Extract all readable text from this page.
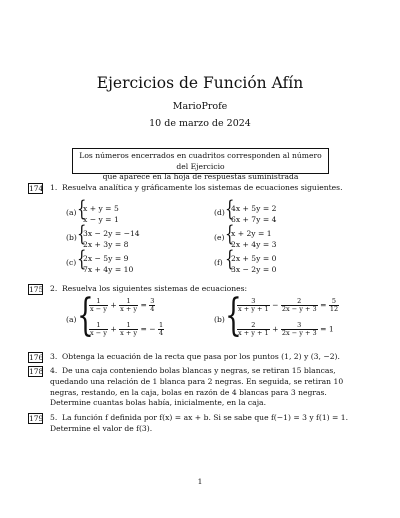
Ejercicios de Función Afín
MarioProfe
10 de marzo de 2024
Los números encerrados en cuadritos corresponden al número del Ejercicio
que aparece en la hoja de respuestas suministrada
174 1. Resuelva analítica y gráficamente los sistemas de ecuaciones siguientes.
(a) {
x + y = 5
x − y = 1
(d) {
4x + 5y = 2
6x + 7y = 4
(b) {
3x − 2y = −14
2x + 3y = 8
(e) {
x + 2y = 1
2x + 4y = 3
(c) {
2x − 5y = 9
7x + 4y = 10
(f) {
2x + 5y = 0
3x − 2y = 0
175 2. Resuelva los siguientes sistemas de ecuaciones:
(a) {
$\frac{1}{x - y} + \frac{1}{x + y} = \frac{3}{4}$
$\frac{1}{x - y} + \frac{1}{x + y}$ = − $\frac{1}{4}$
(b) {
$\frac{3}{x + y + 1} - \frac{2}{2x - y + 3} = \frac{5}{12}$
$\frac{2}{x + y + 1} + \frac{3}{2x - y + 3} = 1$
176 3. Obtenga la ecuación de la recta que pasa por los puntos (1, 2) y (3, −2).
178 4. De una caja conteniendo bolas blancas y negras, se retiran 15 blancas, quedando una relación de 1 blanca para 2 negras. En seguida, se retiran 10 negras, restando, en la caja, bolas en razón de 4 blancas para 3 negras. Determine cuantas bolas había, inicialmente, en la caja.
179 5. La función f definida por f(x) = ax + b. Si se sabe que f(−1) = 3 y f(1) = 1. Determine el valor de f(3).
1
